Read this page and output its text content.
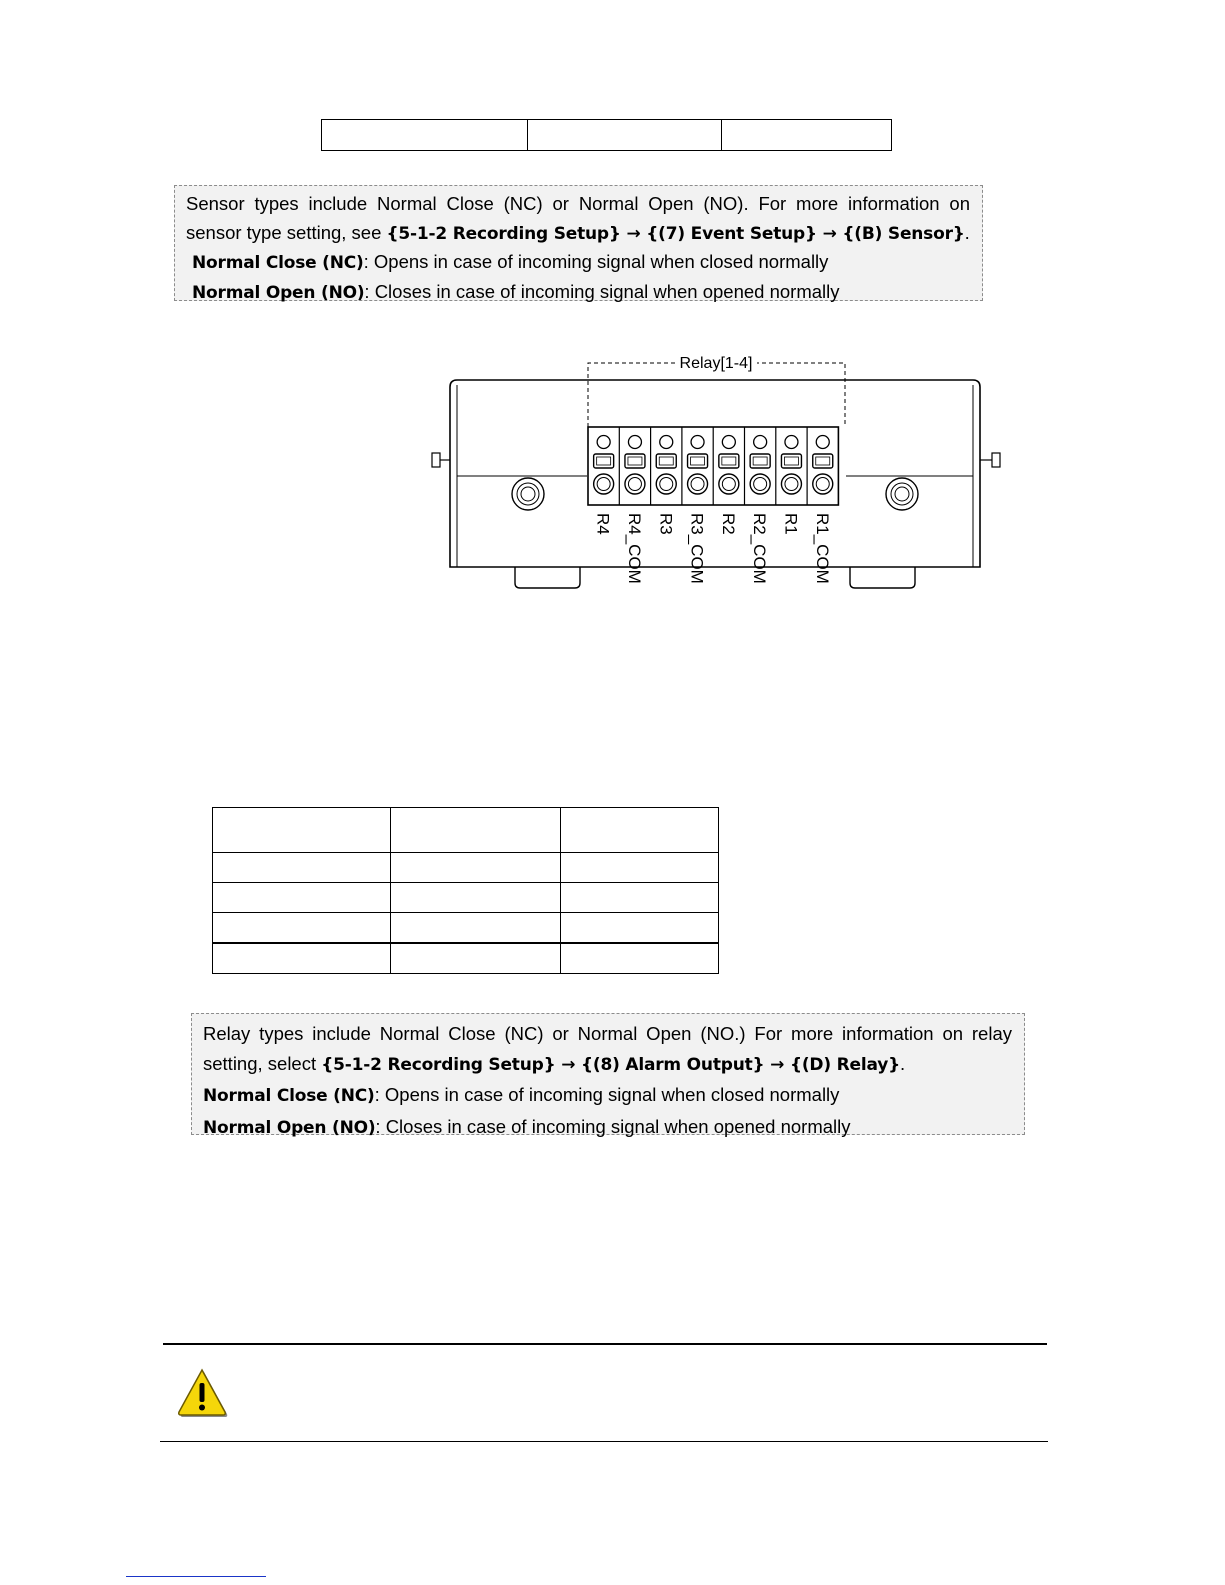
Sensor types include Normal Close (NC) or Normal Open (NO). For more information on
sensor type setting, see {5-1-2 Recording Setup} → {(7) Event Setup} → {(B) Sensor}.
Normal Close (NC): Opens in case of incoming signal when closed normally
Normal Open (NO): Closes in case of incoming signal when opened normally
Relay[1-4]
R4 R4_COM R3 R3_COM R2 R2_COM R1 R1_COM

Relay types include Normal Close (NC) or Normal Open (NO.) For more information on relay
setting, select {5-1-2 Recording Setup} → {(8) Alarm Output} → {(D) Relay}.
Normal Close (NC): Opens in case of incoming signal when closed normally
Normal Open (NO): Closes in case of incoming signal when opened normally
